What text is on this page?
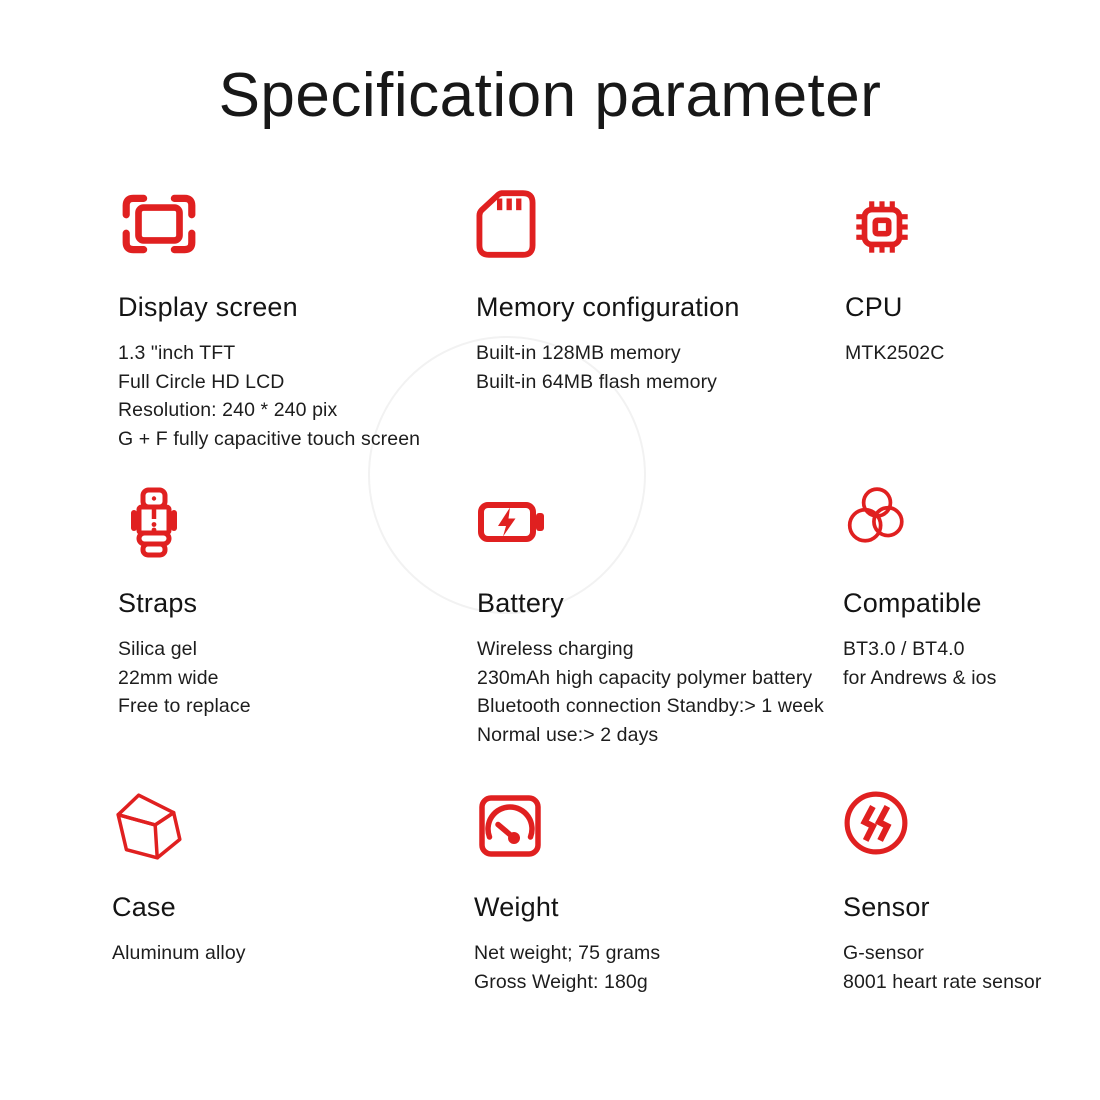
Specification parameter
Display screen

1.3 "inch TFT

Full Circle HD LCD

Resolution: 240 * 240 pix

G + F fully capacitive touch screen

Memory configuration

Built-in 128MB memory

Built-in 64MB flash memory

CPU

MTK2502C

Straps

Silica gel

22mm wide

Free to replace

Battery

Wireless charging

230mAh high capacity polymer battery

Bluetooth connection Standby:> 1 week

Normal use:> 2 days

Compatible

BT3.0 / BT4.0

for Andrews & ios

Case

Aluminum alloy

Weight

Net weight; 75 grams

Gross Weight: 180g

Sensor

G-sensor

8001 heart rate sensor
